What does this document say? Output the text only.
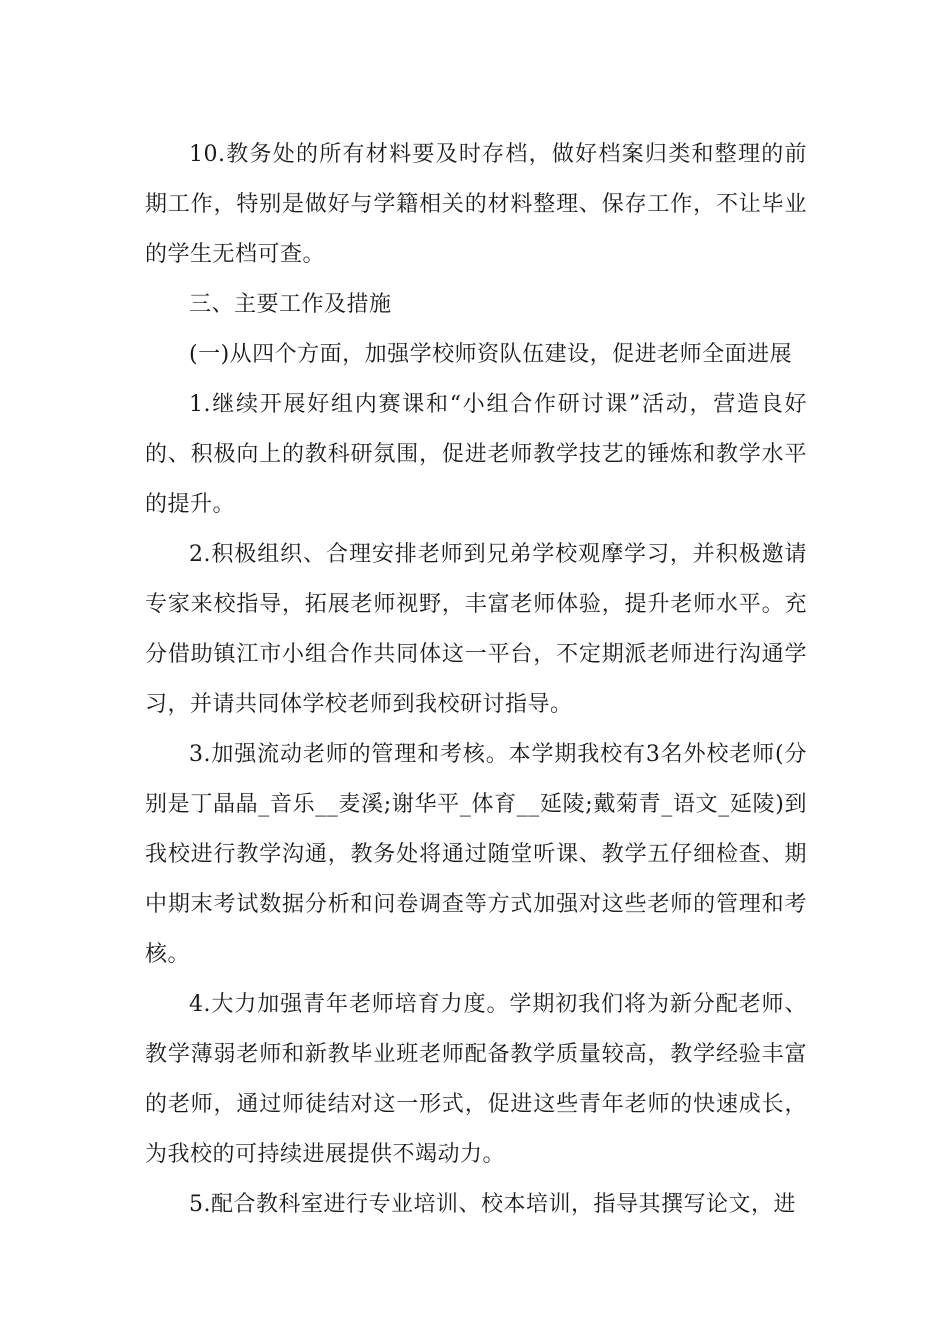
10.教务处的所有材料要及时存档，做好档案归类和整理的前期工作，特别是做好与学籍相关的材料整理、保存工作，不让毕业的学生无档可查。

三、主要工作及措施

(一)从四个方面，加强学校师资队伍建设，促进老师全面进展

1.继续开展好组内赛课和“小组合作研讨课”活动，营造良好的、积极向上的教科研氛围，促进老师教学技艺的锤炼和教学水平的提升。

2.积极组织、合理安排老师到兄弟学校观摩学习，并积极邀请专家来校指导，拓展老师视野，丰富老师体验，提升老师水平。充分借助镇江市小组合作共同体这一平台，不定期派老师进行沟通学习，并请共同体学校老师到我校研讨指导。

3.加强流动老师的管理和考核。本学期我校有3名外校老师(分别是丁晶晶_音乐__麦溪;谢华平_体育__延陵;戴菊青_语文_延陵)到我校进行教学沟通，教务处将通过随堂听课、教学五仔细检查、期中期末考试数据分析和问卷调查等方式加强对这些老师的管理和考核。

4.大力加强青年老师培育力度。学期初我们将为新分配老师、教学薄弱老师和新教毕业班老师配备教学质量较高，教学经验丰富的老师，通过师徒结对这一形式，促进这些青年老师的快速成长，为我校的可持续进展提供不竭动力。

5.配合教科室进行专业培训、校本培训，指导其撰写论文，进
